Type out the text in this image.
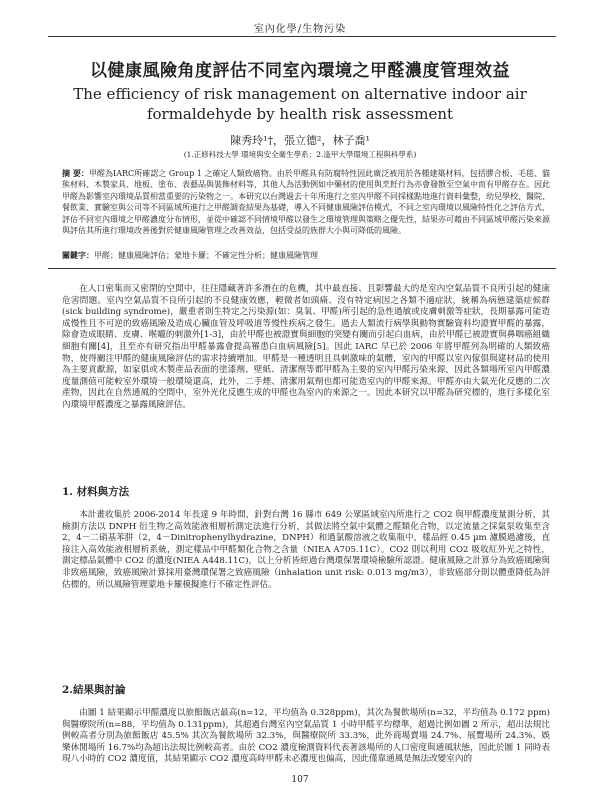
室內化學/生物污染
以健康風險角度評估不同室內環境之甲醛濃度管理效益
The efficiency of risk management on alternative indoor air formaldehyde by health risk assessment
陳秀玲¹†，張立德²，林子喬¹
(1.正修科技大學 環境與安全衛生學系；2.逢甲大學環境工程與科學系)

摘 要：甲醛為IARC所確認之 Group 1 之確定人類致癌物。由於甲醛具有防腐特性因此廣泛被用於各種建築材料，包括膠合板、毛毯、貓熊材料、木製家具、地板、塗布、表藝品與裝飾材料等，其他人為活動例如中藥材的使用與烹飪行為亦會發散至空氣中而有甲醛存在。因此甲醛為影響室內環境品質相當重要的污染物之一。本研究以台灣過去十年所進行之室內甲醛不同採樣點地進行資料彙整，幼兒學校、醫院、餐飲業、實驗室與公司等不同區域所進行之甲醛調查結果為基礎，導入不同健康風險評估模式，不同之室內環境以風險特性化之評估方式，評估不同室內環境之甲醛濃度分布情形，並從中確認不同情境甲醛以發生之環境管理與策略之優先性，結果亦可藉由不同區域甲醛污染來源與評估其所進行環境改善後對於健康風險管理之改善效益，包括受益的族群大小與可降低的風險。

關鍵字：甲醛；健康風險評估；蒙地卡羅；不確定性分析；健康風險管理

在人口密集而又密閉的空間中，往往隱藏著許多潛在的危機，其中最直接、且影響最大的是室內空氣品質不良所引起的健康危害問題。室內空氣品質不良所引起的不良健康效應，輕微者如頭痛、沒有特定病因之各類不適症狀，統稱為病態建築症候群(sick building syndrome)，嚴重者則生特定之污染源(如：臭氧、甲醛)所引起的急性過敏或皮膚刺激等症狀，長期暴露可能造成慢性且不可逆的致癌風險及造成心臟血管及呼吸道等慢性疾病之發生。過去人類流行病學與動物實驗資料均證實甲醛的暴露，除會造成眼睛、皮膚、喉嚨的刺激外[1-3]，由於甲醛也被證實與細胞的突變有關而引起白血病，由於甲醛已被證實與鼻咽癌組織細胞有關[4]，且至亦有研究指出甲醛暴露會提高罹患白血病風險[5]。因此 IARC 早已於 2006 年將甲醛列為明確的人類致癌物，使得關注甲醛的健康風險評估的需求持續增加。甲醛是一種透明且具刺激味的氣體，室內的甲醛以室內傢俱與建材品的使用為主要貢獻源，如家俱或木製產品表面的塗漆劑、壁紙、清潔劑等都甲醛為主要的室內甲醛污染來源，因此各類場所室內甲醛濃度量測值可能較室外環境一般環境還高，此外，二手煙、清潔用氣劑也都可能造室內的甲醛來源。甲醛亦由大氣光化反應的二次產物，因此在自然通風的空間中，室外光化反應生成的甲醛也為室內的來源之一。因此本研究以甲醛為研究標的，進行多樣化室內環境甲醛濃度之暴露風險評估。

1. 材料與方法

本計畫收集於 2006-2014 年長達 9 年時間，針對台灣 16 縣市 649 公眾區域室內所進行之 CO2 與甲醛濃度量測分析，其檢測方法以 DNPH 衍生物之高效能液相層析測定法進行分析，其做法將空氣中氣體之醛類化合物，以定流量之採氣泵收集至含2，4－二硝基苯肼（2，4－Dinitrophenylhydrazine，DNPH）和過氯酸溶液之收集瓶中，樣品經 0.45 µm 濾膜過濾後，直接注入高效能液相層析系統，測定樣品中甲醛類化合物之含量（NIEA A705.11C）。CO2 則以利用 CO2 吸收紅外光之特性，測定標品氣體中 CO2 的濃度(NIEA A448.11C)，以上分析皆經過台灣環保署環境檢驗所認證。健康風險之計算分為致癌風險與非致癌風險，致癌風險計算採用臺灣環保署之致癌風險（inhalation unit risk: 0.013 mg/m3），非致癌部分則以體重降低為評估標的，所以風險管理蒙地卡羅模擬進行不確定性評估。

2.結果與討論

由圖 1 結果顯示甲醛濃度以旅館飯店最高(n=12，平均值為 0.328ppm)，其次為餐飲場所(n=32，平均值為 0.172 ppm)與醫療院所(n=88，平均值為 0.131ppm)，其超過台灣室內空氣品質 1 小時甲醛平均標準，超過比例如圖 2 所示，超出法規比例較高者分別為旅館飯店 45.5% 其次為餐飲場所 32.3%，與醫療院所 33.3%，此外商場賣場 24.7%、展覽場所 24.3%、娛樂休閒場所 16.7%均為超出法規比例較高者。由於 CO2 濃度檢測資料代表著該場所的人口密度與通風狀態，因此於圖 1 同時表現八小時的 CO2 濃度值，其結果顯示 CO2 濃度高時甲醛未必濃度也偏高，因此僅靠通風是無法改變室內的

107
